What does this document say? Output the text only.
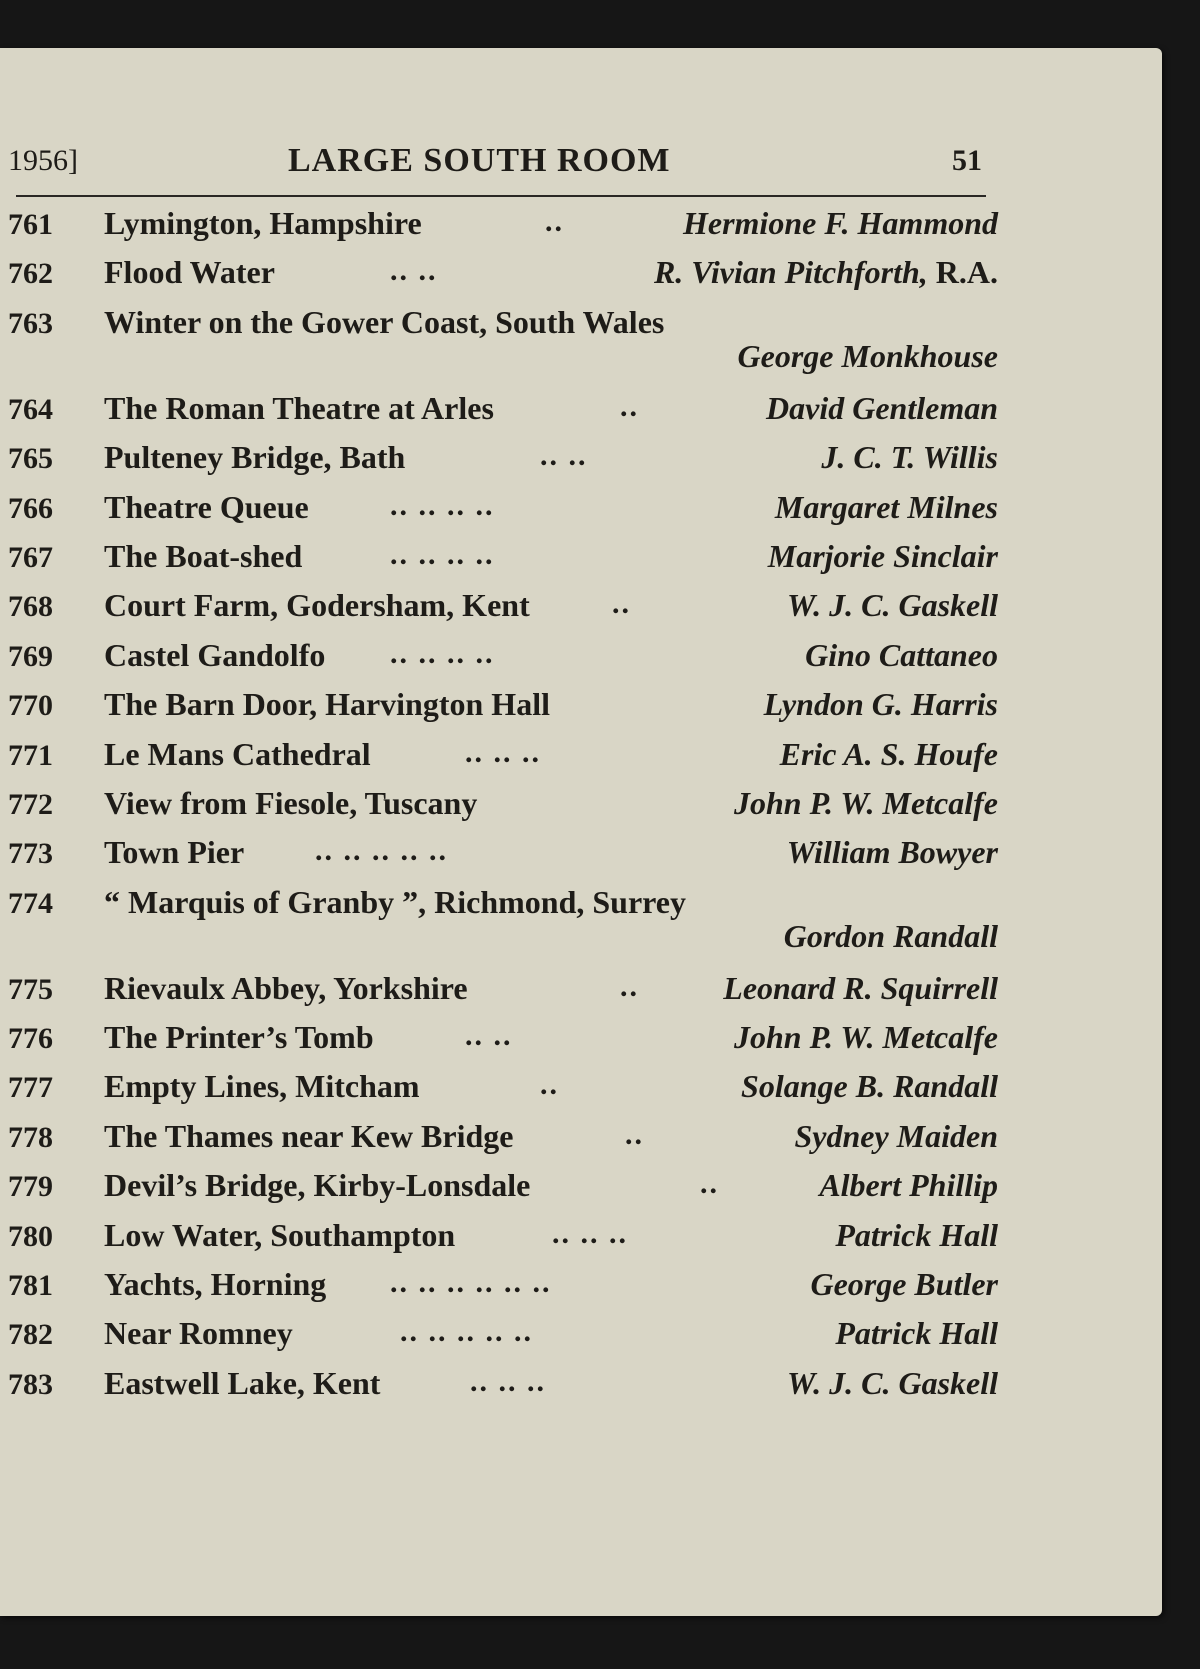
1956]	LARGE SOUTH ROOM	51
761 Lymington, Hampshire	..	Hermione F. Hammond
762 Flood Water	.. ..	R. Vivian Pitchforth, R.A.
763 Winter on the Gower Coast, South Wales
George Monkhouse
764 The Roman Theatre at Arles	..	David Gentleman
765 Pulteney Bridge, Bath	.. ..	J. C. T. Willis
766 Theatre Queue	.. .. .. ..	Margaret Milnes
767 The Boat-shed	.. .. .. ..	Marjorie Sinclair
768 Court Farm, Godersham, Kent	..	W. J. C. Gaskell
769 Castel Gandolfo .. .. .. ..	Gino Cattaneo
770 The Barn Door, Harvington Hall	Lyndon G. Harris
771 Le Mans Cathedral	.. .. ..	Eric A. S. Houfe
772 View from Fiesole, Tuscany	John P. W. Metcalfe
773 Town Pier .. .. .. .. ..	William Bowyer
774 “ Marquis of Granby ”, Richmond, Surrey
Gordon Randall
775 Rievaulx Abbey, Yorkshire	..	Leonard R. Squirrell
776 The Printer’s Tomb	.. ..	John P. W. Metcalfe
777 Empty Lines, Mitcham	..	Solange B. Randall
778 The Thames near Kew Bridge	..	Sydney Maiden
779 Devil’s Bridge, Kirby-Lonsdale	..	Albert Phillip
780 Low Water, Southampton	.. .. ..	Patrick Hall
781 Yachts, Horning .. .. .. .. .. ..	George Butler
782 Near Romney	.. .. .. .. ..	Patrick Hall
783 Eastwell Lake, Kent	.. .. ..	W. J. C. Gaskell
